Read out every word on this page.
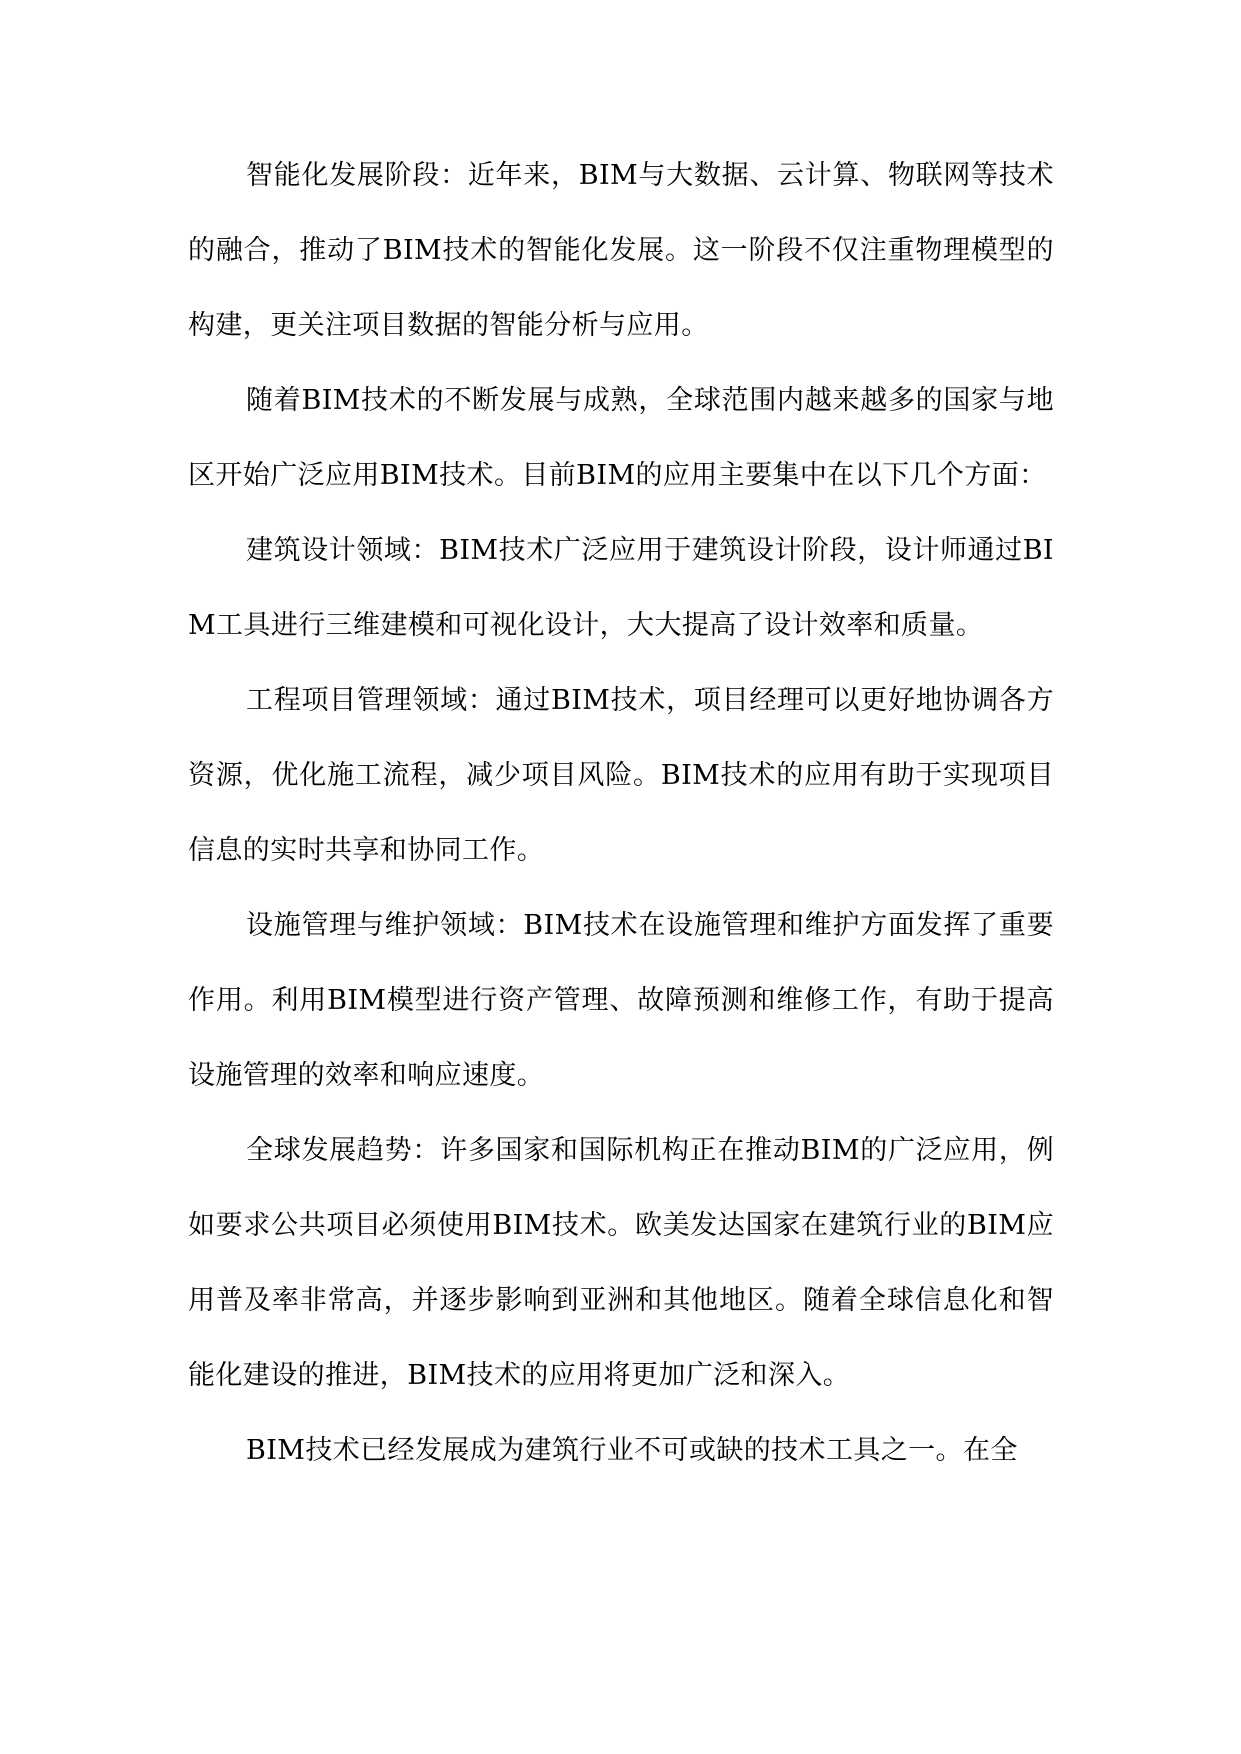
智能化发展阶段：近年来，BIM与大数据、云计算、物联网等技术的融合，推动了BIM技术的智能化发展。这一阶段不仅注重物理模型的构建，更关注项目数据的智能分析与应用。

随着BIM技术的不断发展与成熟，全球范围内越来越多的国家与地区开始广泛应用BIM技术。目前BIM的应用主要集中在以下几个方面：

建筑设计领域：BIM技术广泛应用于建筑设计阶段，设计师通过BIM工具进行三维建模和可视化设计，大大提高了设计效率和质量。

工程项目管理领域：通过BIM技术，项目经理可以更好地协调各方资源，优化施工流程，减少项目风险。BIM技术的应用有助于实现项目信息的实时共享和协同工作。

设施管理与维护领域：BIM技术在设施管理和维护方面发挥了重要作用。利用BIM模型进行资产管理、故障预测和维修工作，有助于提高设施管理的效率和响应速度。

全球发展趋势：许多国家和国际机构正在推动BIM的广泛应用，例如要求公共项目必须使用BIM技术。欧美发达国家在建筑行业的BIM应用普及率非常高，并逐步影响到亚洲和其他地区。随着全球信息化和智能化建设的推进，BIM技术的应用将更加广泛和深入。

BIM技术已经发展成为建筑行业不可或缺的技术工具之一。在全
